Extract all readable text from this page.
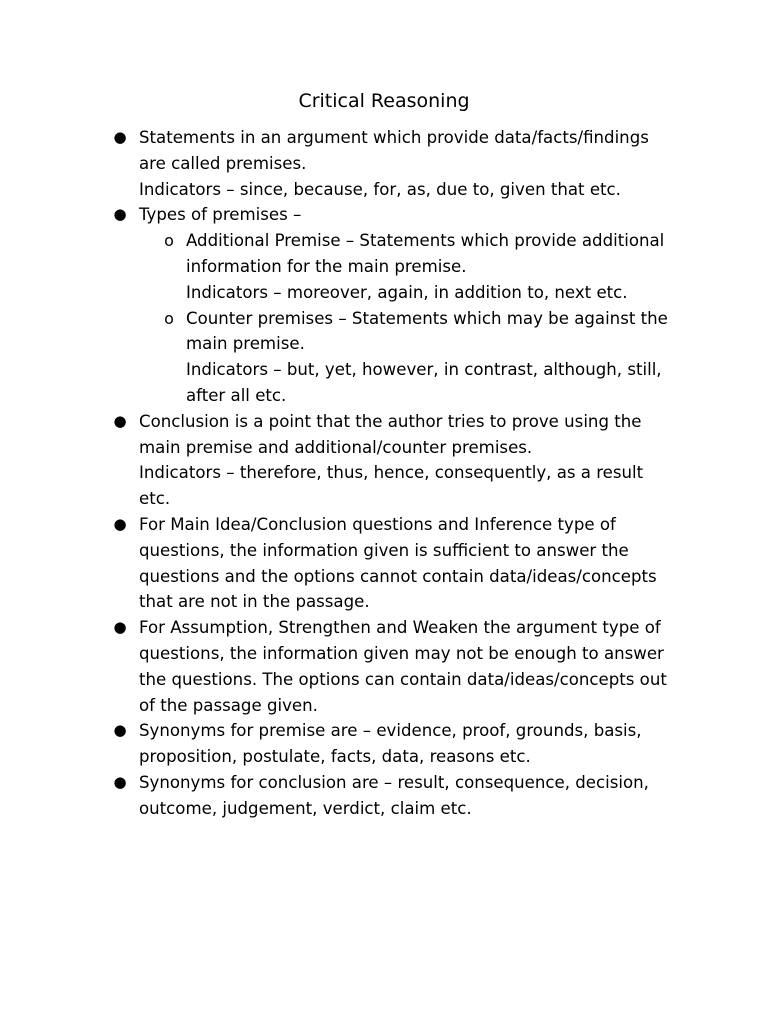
Critical Reasoning
● Statements in an argument which provide data/facts/findings
are called premises.
Indicators – since, because, for, as, due to, given that etc.
● Types of premises –
o Additional Premise – Statements which provide additional
information for the main premise.
Indicators – moreover, again, in addition to, next etc.
o Counter premises – Statements which may be against the
main premise.
Indicators – but, yet, however, in contrast, although, still,
after all etc.
● Conclusion is a point that the author tries to prove using the
main premise and additional/counter premises.
Indicators – therefore, thus, hence, consequently, as a result
etc.
● For Main Idea/Conclusion questions and Inference type of
questions, the information given is sufficient to answer the
questions and the options cannot contain data/ideas/concepts
that are not in the passage.
● For Assumption, Strengthen and Weaken the argument type of
questions, the information given may not be enough to answer
the questions. The options can contain data/ideas/concepts out
of the passage given.
● Synonyms for premise are – evidence, proof, grounds, basis,
proposition, postulate, facts, data, reasons etc.
● Synonyms for conclusion are – result, consequence, decision,
outcome, judgement, verdict, claim etc.
